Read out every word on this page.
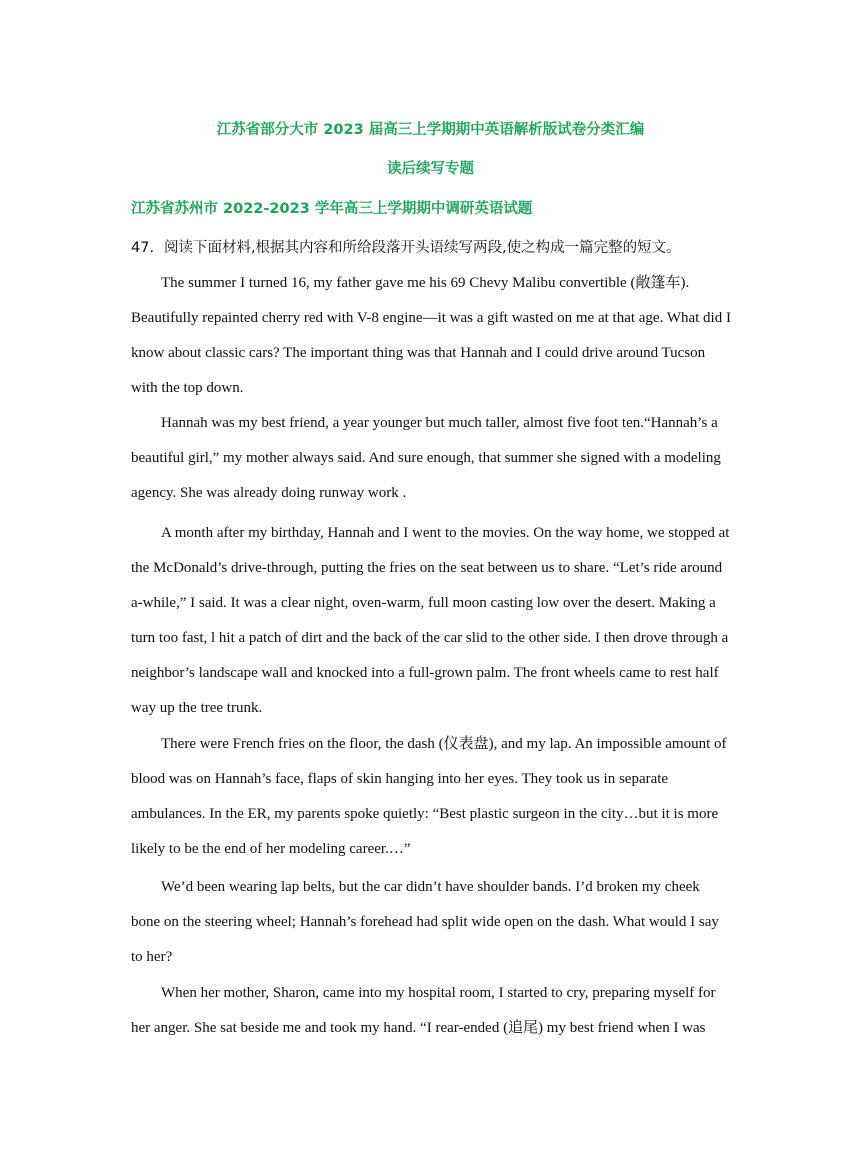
江苏省部分大市 2023 届高三上学期期中英语解析版试卷分类汇编
读后续写专题
江苏省苏州市 2022-2023 学年高三上学期期中调研英语试题
47．阅读下面材料,根据其内容和所给段落开头语续写两段,使之构成一篇完整的短文。

The summer I turned 16, my father gave me his 69 Chevy Malibu convertible (敞篷车). Beautifully repainted cherry red with V-8 engine—it was a gift wasted on me at that age. What did I know about classic cars? The important thing was that Hannah and I could drive around Tucson with the top down.

Hannah was my best friend, a year younger but much taller, almost five foot ten.“Hannah’s a beautiful girl,” my mother always said. And sure enough, that summer she signed with a modeling agency. She was already doing runway work .

A month after my birthday, Hannah and I went to the movies. On the way home, we stopped at the McDonald’s drive-through, putting the fries on the seat between us to share. “Let’s ride around a-while,” I said. It was a clear night, oven-warm, full moon casting low over the desert. Making a turn too fast, l hit a patch of dirt and the back of the car slid to the other side. I then drove through a neighbor’s landscape wall and knocked into a full-grown palm. The front wheels came to rest half way up the tree trunk.

There were French fries on the floor, the dash (仪表盘), and my lap. An impossible amount of blood was on Hannah’s face, flaps of skin hanging into her eyes. They took us in separate ambulances. In the ER, my parents spoke quietly: “Best plastic surgeon in the city…but it is more likely to be the end of her modeling career.…”

We’d been wearing lap belts, but the car didn’t have shoulder bands. I’d broken my cheek bone on the steering wheel; Hannah’s forehead had split wide open on the dash. What would I say to her?

When her mother, Sharon, came into my hospital room, I started to cry, preparing myself for her anger. She sat beside me and took my hand. “I rear-ended (追尾) my best friend when I was
